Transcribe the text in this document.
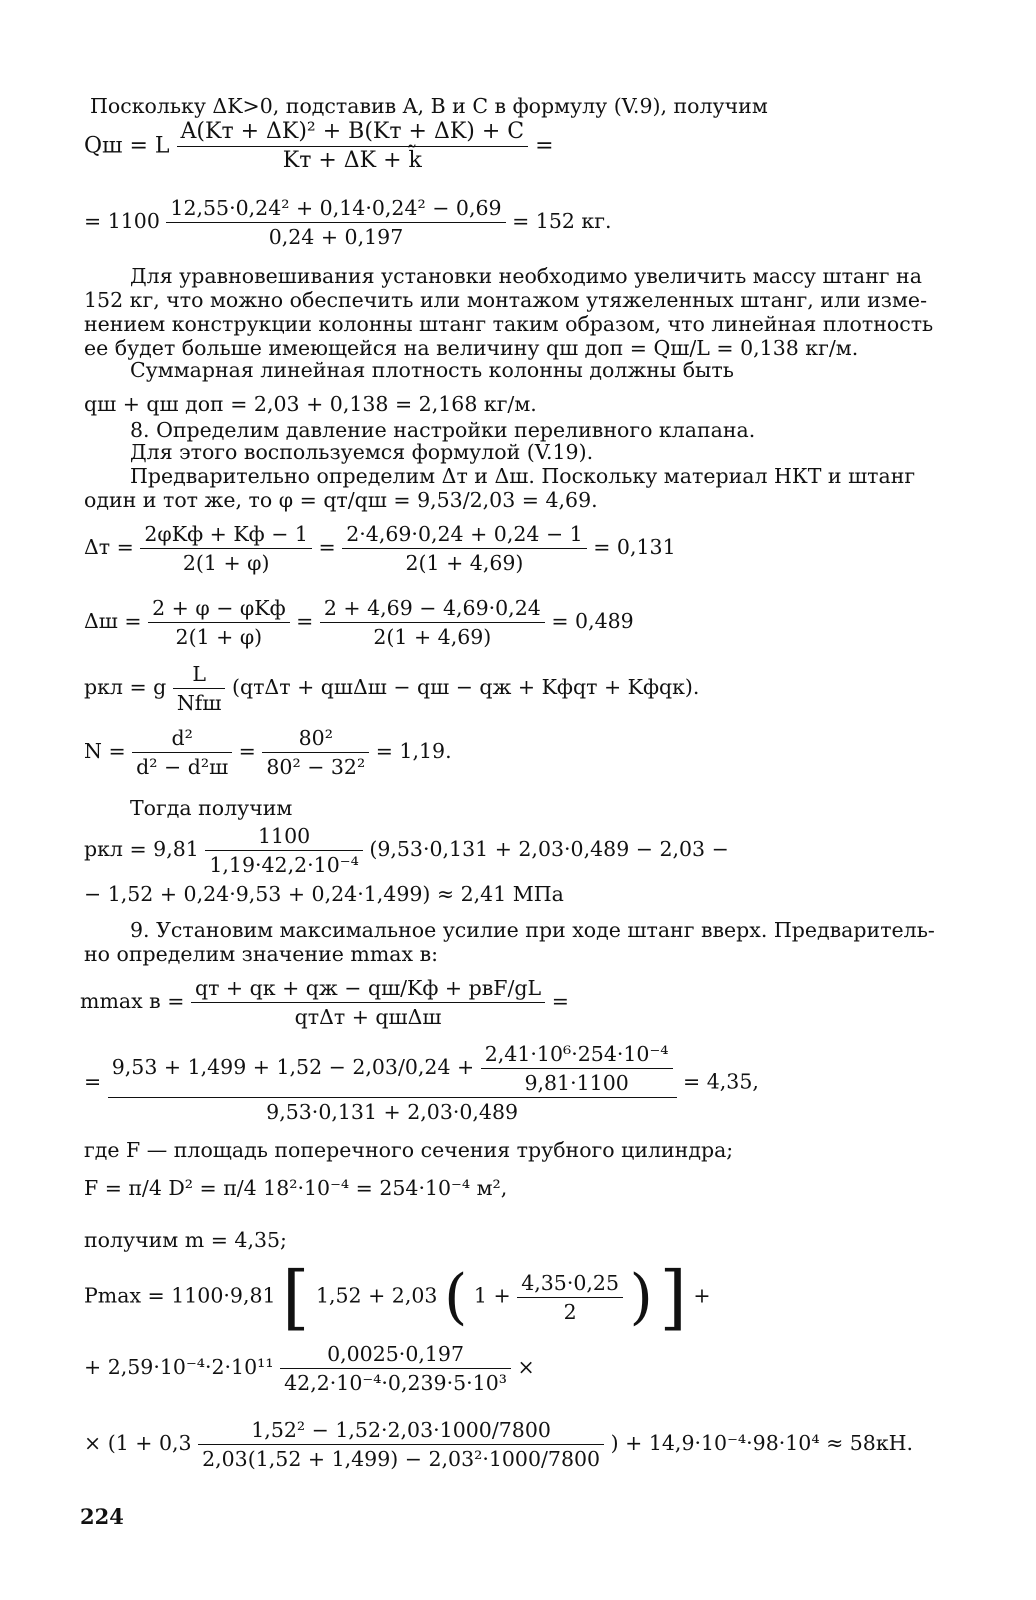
Поскольку ΔK>0, подставив A, B и C в формулу (V.9), получим
Qш = L $\frac{\text{A(Kт + ΔK)² + B(Kт + ΔK) + C}}{Kт + \Delta K + k̃}$ =
= $1100 \frac{\text{12,55·0,24² + 0,14·0,24² − 0,69}}{0,24 + 0,197} = 152$ кг.
Для уравновешивания установки необходимо увеличить массу штанг на
152 кг, что можно обеспечить или монтажом утяжеленных штанг, или изме-
нением конструкции колонны штанг таким образом, что линейная плотность
ее будет больше имеющейся на величину qш доп = Qш/L = 0,138 кг/м.
Суммарная линейная плотность колонны должны быть
qш + qш доп = 2,03 + 0,138 = 2,168 кг/м.
8. Определим давление настройки переливного клапана.
Для этого воспользуемся формулой (V.19).
Предварительно определим Δт и Δш. Поскольку материал НКТ и штанг
один и тот же, то φ = qт/qш = 9,53/2,03 = 4,69.
$\Delta т = \frac{\text{2φKф + Kф − 1}}{2(1 + \varphi)} = \frac{2\cdot 4,69\cdot 0,24 + 0,24 - 1}{2(1 + 4,69)} = 0,131$
$\Delta ш = \frac{\text{2 + φ − φKф}}{2(1 + \varphi)} = \frac{2 + 4,69 - 4,69\cdot 0,24}{2(1 + 4,69)} = 0,489$
pкл = g $\frac{L}{\text{Nfш}} (qт\Delta т + qш\Delta ш$ − qш − qж + Kфqт + Kфqк).
$N = \frac{\text{d²}}{\text{d² − d²ш}} = \frac{\text{80²}}{\text{80² − 32²}} = 1,19$.
Тогда получим
pкл = $9,81 \frac{1100}{\text{1,19·42,2·10⁻⁴}} (9,53\cdot 0,131 + 2,03\cdot 0,489 - 2,03$ −
− 1,52 + 0,24·9,53 + 0,24·1,499) ≈ 2,41 МПа
9. Установим максимальное усилие при ходе штанг вверх. Предваритель-
но определим значение mmax в:
mmax $в = \frac{\text{qт + qк + qж − qш/Kф + pвF/gL}}{\text{qтΔт + qшΔш}}$ =
=
$9,53 + 1,499 + 1,52 - 2,03/0,24 + \frac{\text{2,41·10⁶·254·10⁻⁴}}{9,81\cdot 1100}$
9,53·0,131 + 2,03·0,489
= 4,35,
где F — площадь поперечного сечения трубного цилиндра;
F = π/4 D² = π/4 18²·10⁻⁴ = 254·10⁻⁴ м²,
получим m = 4,35;
Pmax = 1100·9,81 [ 1,52 + 2,03 ( $1 + \frac{4,35\cdot 0,25}{2}$ ) ] +
+ $2,59\cdot 10^{-4}\cdot 2\cdot 10^{11} \frac{0,0025\cdot 0,197}{\text{42,2·10⁻⁴·0,239·5·10³}}$ ×
× ($1 + 0,3 \frac{\text{1,52² − 1,52·2,03·1000/7800}}{\text{2,03(1,52 + 1,499) − 2,03²·1000/7800}}$ ) + 14,9·10⁻⁴·98·10⁴ ≈ 58кН.
224
